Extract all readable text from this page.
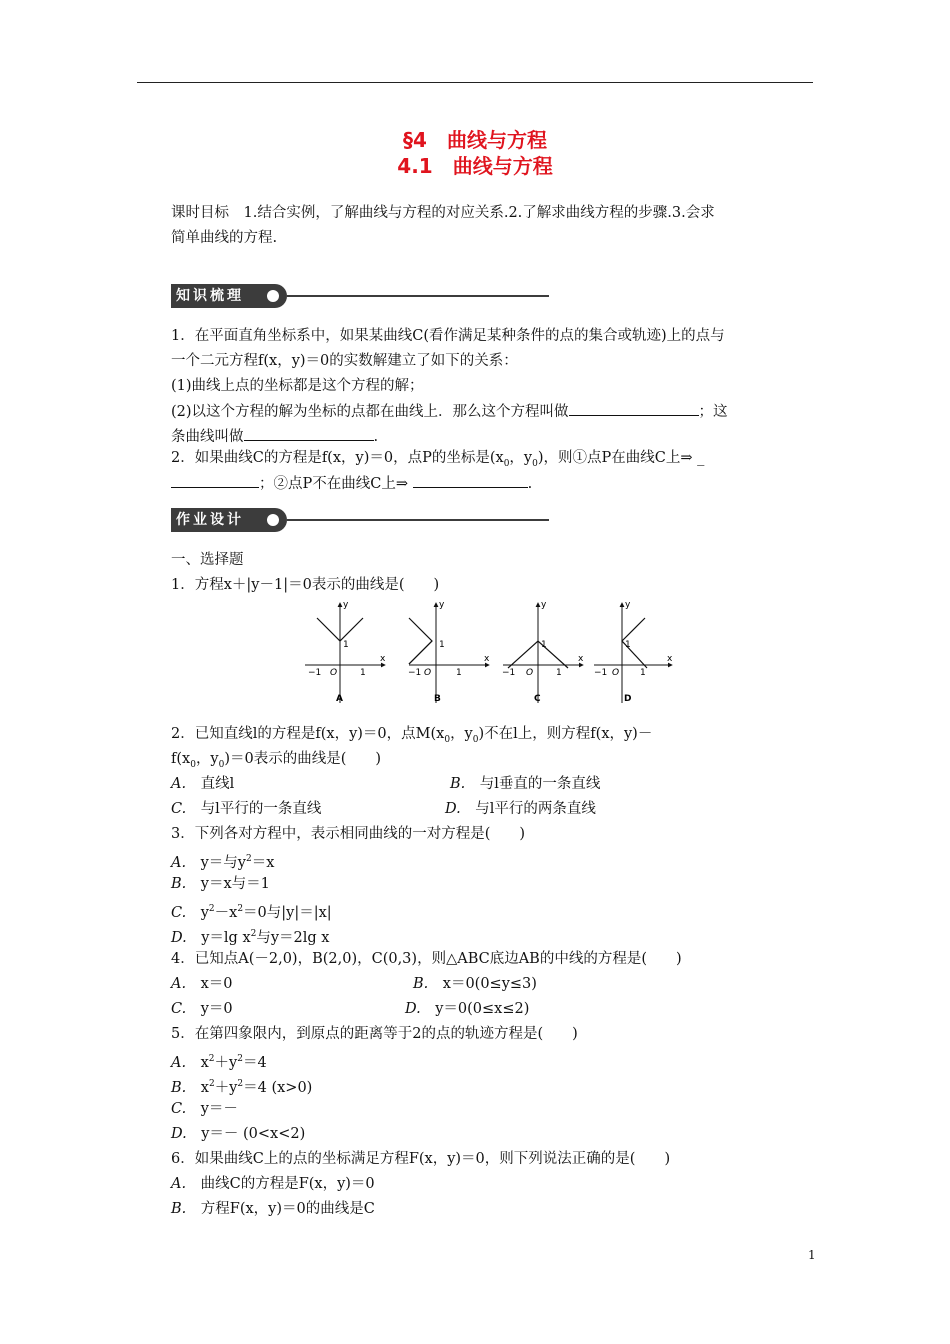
§4　曲线与方程
4.1　曲线与方程
课时目标　1.结合实例，了解曲线与方程的对应关系.2.了解求曲线方程的步骤.3.会求
简单曲线的方程.
知识梳理
1．在平面直角坐标系中，如果某曲线C(看作满足某种条件的点的集合或轨迹)上的点与
一个二元方程f(x，y)＝0的实数解建立了如下的关系：
(1)曲线上点的坐标都是这个方程的解；
(2)以这个方程的解为坐标的点都在曲线上．那么这个方程叫做	；这
条曲线叫做	.
2．如果曲线C的方程是f(x，y)＝0，点P的坐标是($x_0$，$y_0$)，则①点P在曲线C上⇒ _
；②点P不在曲线C上⇒	.
作业设计
一、选择题
1．方程x＋|y－1|＝0表示的曲线是(　　)
y
x
1
−1 O	1
A
y
x
1
−1 O	1
B
y
x
1
−1 O	1
C
y
x
1
−1 O 1
D
2．已知直线l的方程是f(x，y)＝0，点$M(x_0$，$y_0$)不在l上，则方程f(x，y)－
$f(x_0$，$y_0)=0$表示的曲线是(　　)
A.　 直线l	B.　 与l垂直的一条直线
C.　 与l平行的一条直线	D.　 与l平行的两条直线
3．下列各对方程中，表示相同曲线的一对方程是(　　)
A.　 y＝与$y^2=x$
B.　 y＝x与＝1
C.　 $y^2-x^2=0$与|y|＝|x|
D.　 y＝lg $x^2$与y＝2lg x
4．已知点A(－2,0)，B(2,0)，C(0,3)，则△ABC底边AB的中线的方程是(　　)
A.　 x＝0	B.　 x＝0(0≤y≤3)
C.　 y＝0	D.　 y＝0(0≤x≤2)
5．在第四象限内，到原点的距离等于2的点的轨迹方程是(　　)
A.　 $x^2+y^2=4$
B.　 $x^2+y^2=4$ (x>0)
C.　 y＝－
D.　 y＝－ (0<x<2)
6．如果曲线C上的点的坐标满足方程F(x，y)＝0，则下列说法正确的是(　　)
A.　 曲线C的方程是F(x，y)＝0
B.　 方程F(x，y)＝0的曲线是C
1
